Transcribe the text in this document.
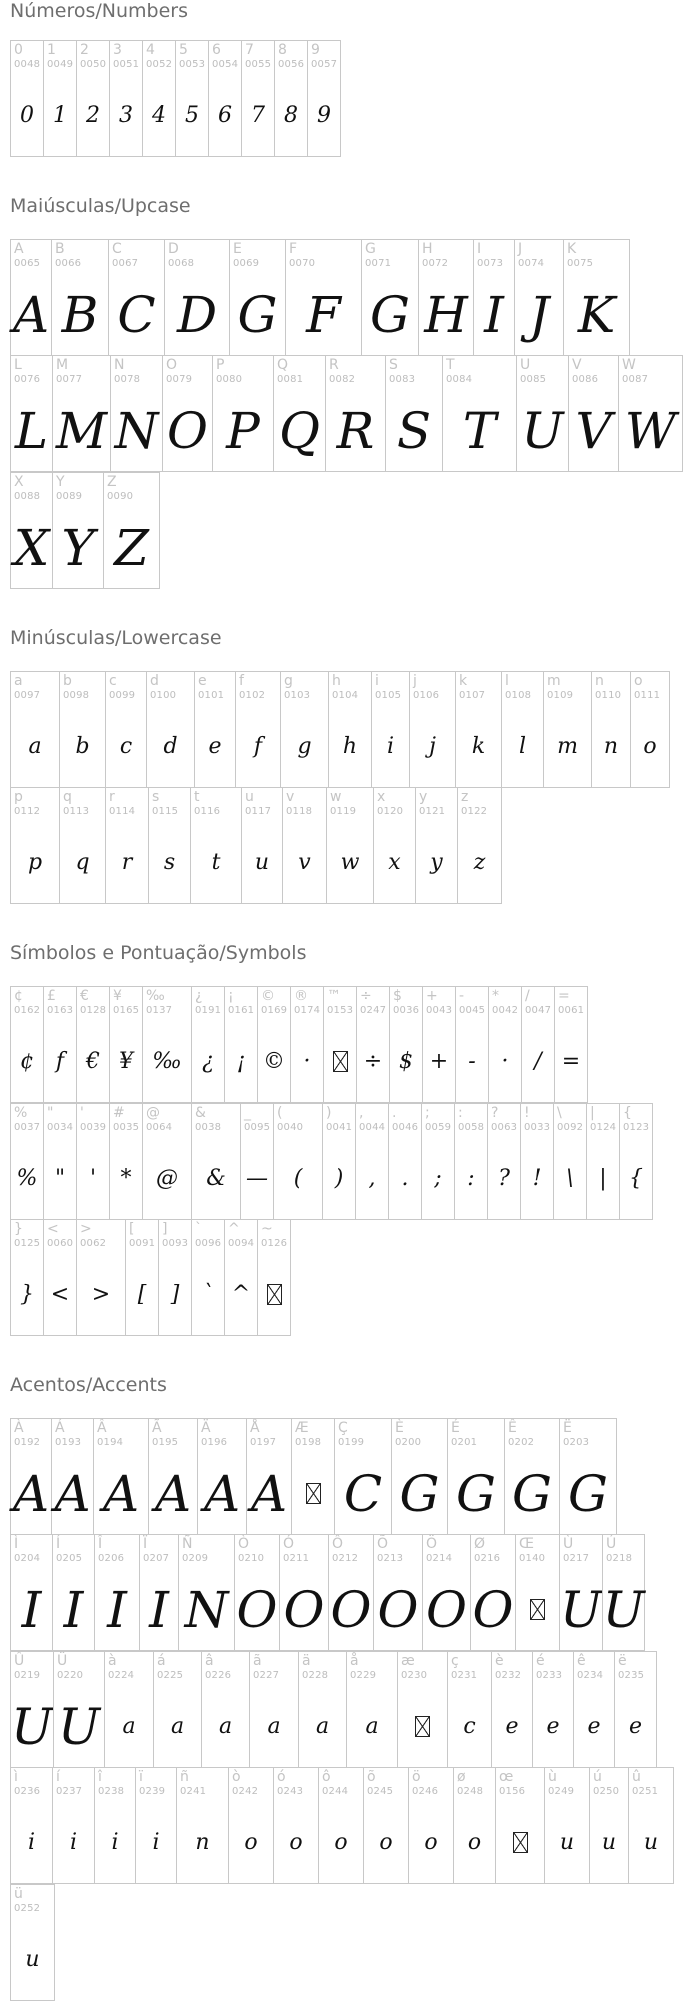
Números/Numbers
0
0048
0
1
0049
1
2
0050
2
3
0051
3
4
0052
4
5
0053
5
6
0054
6
7
0055
7
8
0056
8
9
0057
9
Maiúsculas/Upcase
A
0065
A
B
0066
B
C
0067
C
D
0068
D
E
0069
G
F
0070
F
G
0071
G
H
0072
H
I
0073
I
J
0074
J
K
0075
K
L
0076
L
M
0077
M
N
0078
N
O
0079
O
P
0080
P
Q
0081
Q
R
0082
R
S
0083
S
T
0084
T
U
0085
U
V
0086
V
W
0087
W
X
0088
X
Y
0089
Y
Z
0090
Z
Minúsculas/Lowercase
a
0097
a
b
0098
b
c
0099
c
d
0100
d
e
0101
e
f
0102
f
g
0103
g
h
0104
h
i
0105
i
j
0106
j
k
0107
k
l
0108
l
m
0109
m
n
0110
n
o
0111
o
p
0112
p
q
0113
q
r
0114
r
s
0115
s
t
0116
t
u
0117
u
v
0118
v
w
0119
w
x
0120
x
y
0121
y
z
0122
z
Símbolos e Pontuação/Symbols
¢
0162
¢
£
0163
f
€
0128
€
¥
0165
¥
‰
0137
‰
¿
0191
¿
¡
0161
¡
©
0169
©
®
0174
·
™
0153
÷
0247
÷
$
0036
$
+
0043
+
-
0045
-
*
0042
·
/
0047
/
=
0061
=
%
0037
%
"
0034
"
'
0039
'
#
0035
*
@
0064
@
&
0038
&
_
0095
—
(
0040
(
)
0041
)
,
0044
,
.
0046
.
;
0059
;
:
0058
:
?
0063
?
!
0033
!
\
0092
\
|
0124
|
{
0123
{
}
0125
}
<
0060
<
>
0062
>
[
0091
[
]
0093
]
`
0096
`
^
0094
^
~
0126
Acentos/Accents
À
0192
A
Á
0193
A
Â
0194
A
Ã
0195
A
Ä
0196
A
Å
0197
A
Æ
0198
Ç
0199
C
È
0200
G
É
0201
G
Ê
0202
G
Ë
0203
G
Ì
0204
I
Í
0205
I
Î
0206
I
Ï
0207
I
Ñ
0209
N
Ò
0210
O
Ó
0211
O
Ô
0212
O
Õ
0213
O
Ö
0214
O
Ø
0216
O
Œ
0140
Ù
0217
U
Ú
0218
U
Û
0219
U
Ü
0220
U
à
0224
a
á
0225
a
â
0226
a
ã
0227
a
ä
0228
a
å
0229
a
æ
0230
ç
0231
c
è
0232
e
é
0233
e
ê
0234
e
ë
0235
e
ì
0236
i
í
0237
i
î
0238
i
ï
0239
i
ñ
0241
n
ò
0242
o
ó
0243
o
ô
0244
o
õ
0245
o
ö
0246
o
ø
0248
o
œ
0156
ù
0249
u
ú
0250
u
û
0251
u
ü
0252
u
